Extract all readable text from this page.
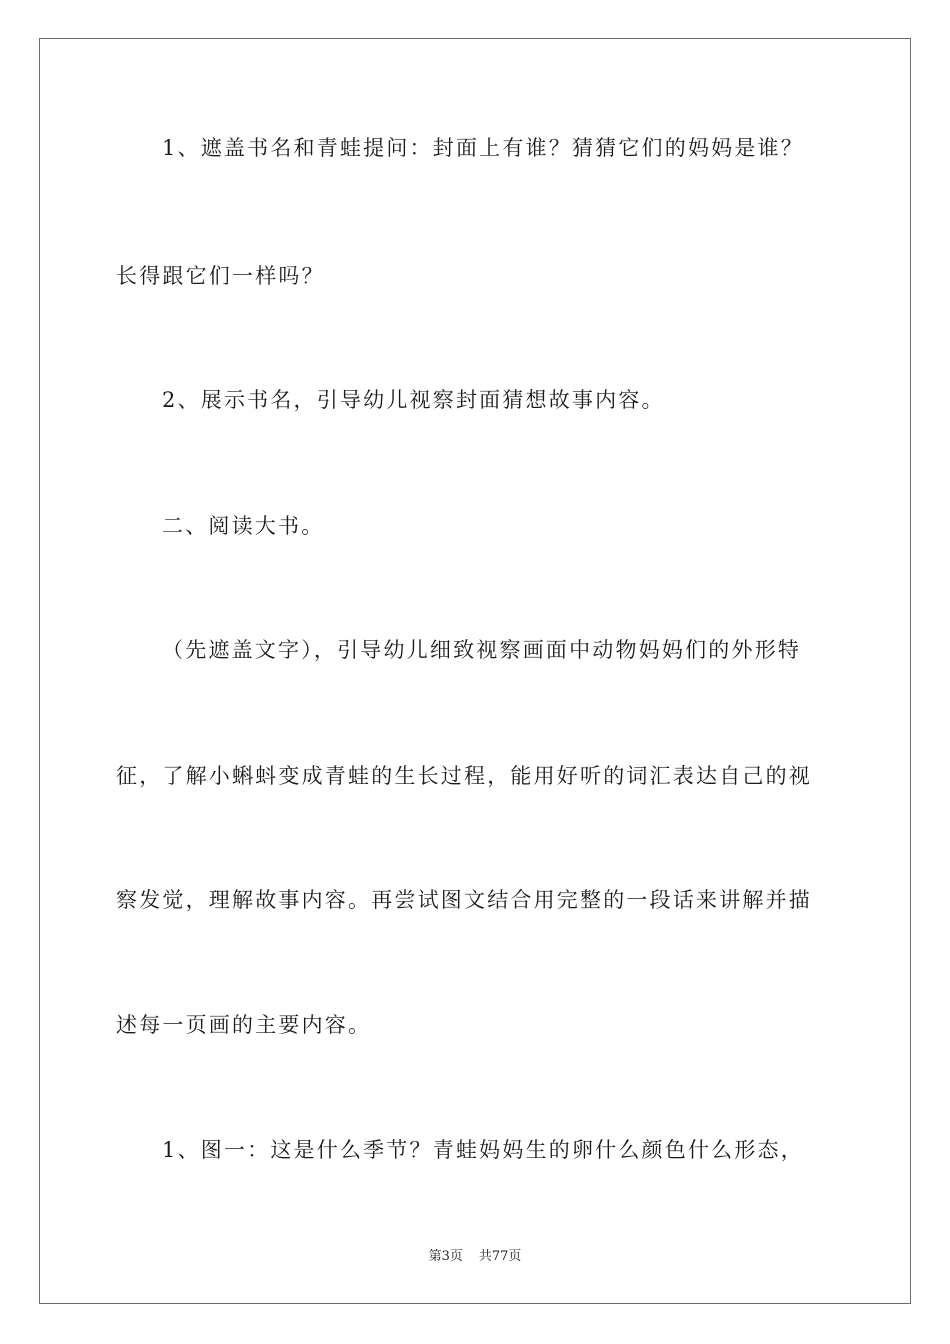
1、遮盖书名和青蛙提问：封面上有谁？猜猜它们的妈妈是谁？
长得跟它们一样吗？
2、展示书名，引导幼儿视察封面猜想故事内容。
二、阅读大书。
（先遮盖文字），引导幼儿细致视察画面中动物妈妈们的外形特
征，了解小蝌蚪变成青蛙的生长过程，能用好听的词汇表达自己的视
察发觉，理解故事内容。再尝试图文结合用完整的一段话来讲解并描
述每一页画的主要内容。
1、图一：这是什么季节？青蛙妈妈生的卵什么颜色什么形态，
第3页 共77页
